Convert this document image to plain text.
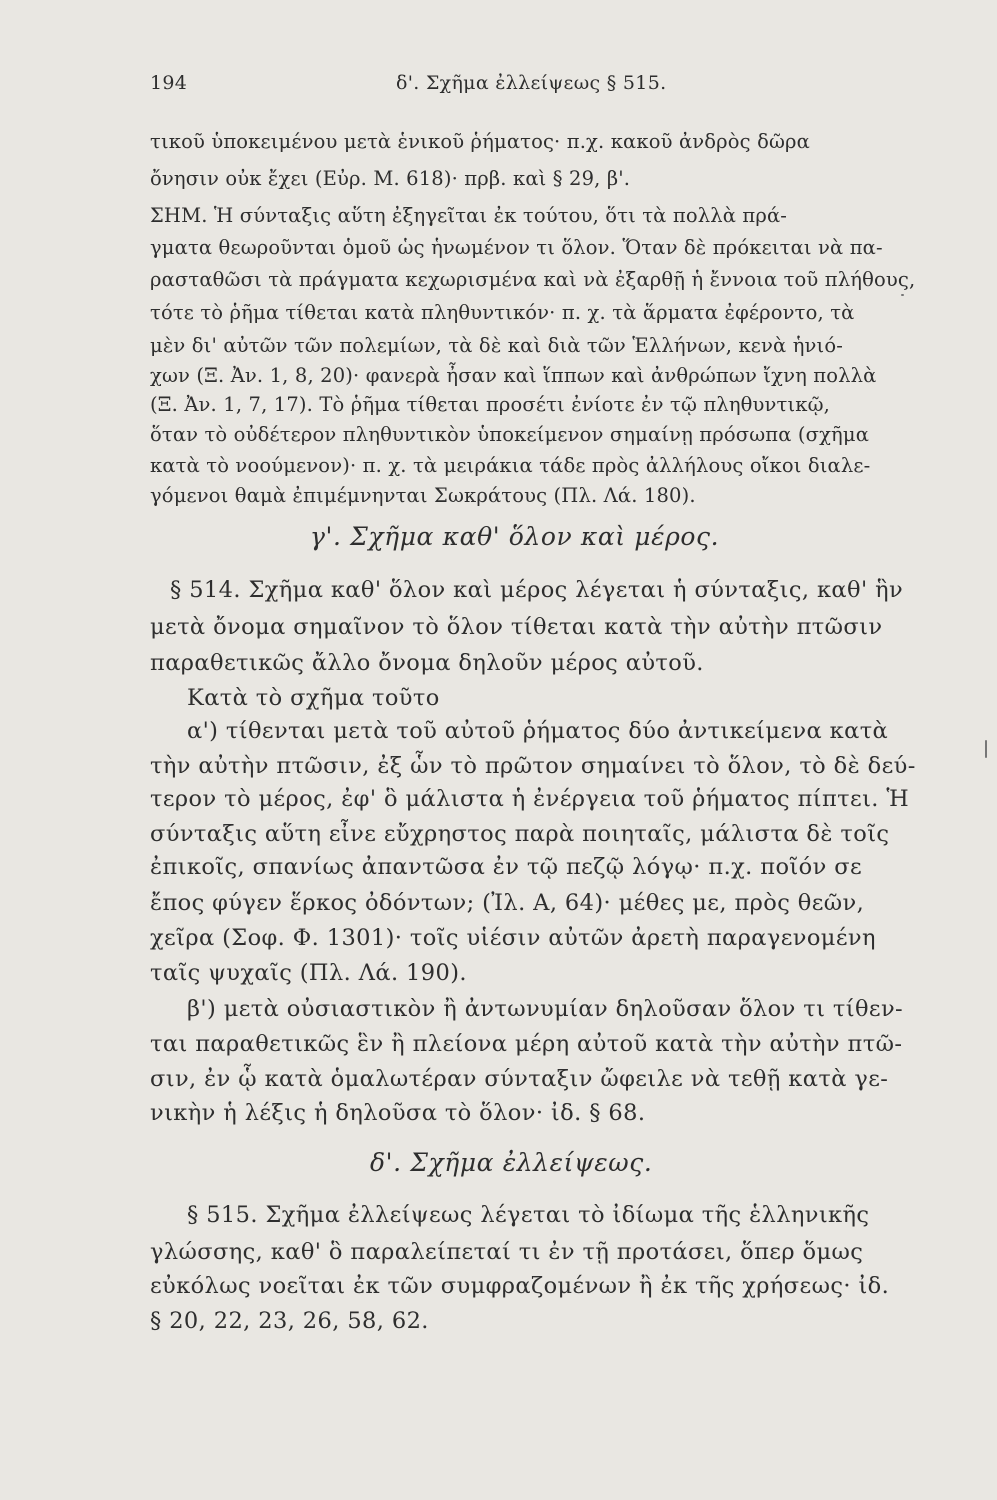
194	δ'. Σχῆμα ἐλλείψεως § 515.
τικοῦ ὑποκειμένου μετὰ ἑνικοῦ ῥήματος· π.χ. κακοῦ ἀνδρὸς δῶρα
ὄνησιν οὐκ ἔχει (Εὐρ. Μ. 618)· πρβ. καὶ § 29, β'.
ΣΗΜ. Ἡ σύνταξις αὕτη ἐξηγεῖται ἐκ τούτου, ὅτι τὰ πολλὰ πρά-
γματα θεωροῦνται ὁμοῦ ὡς ἡνωμένον τι ὅλον. Ὅταν δὲ πρόκειται νὰ πα-
ρασταθῶσι τὰ πράγματα κεχωρισμένα καὶ νὰ ἐξαρθῇ ἡ ἔννοια τοῦ πλήθους,
τότε τὸ ῥῆμα τίθεται κατὰ πληθυντικόν· π. χ. τὰ ἅρματα ἐφέροντο, τὰ
μὲν δι' αὐτῶν τῶν πολεμίων, τὰ δὲ καὶ διὰ τῶν Ἑλλήνων, κενὰ ἡνιό-
χων (Ξ. Ἀν. 1, 8, 20)· φανερὰ ἦσαν καὶ ἵππων καὶ ἀνθρώπων ἴχνη πολλὰ
(Ξ. Ἀν. 1, 7, 17). Τὸ ῥῆμα τίθεται προσέτι ἐνίοτε ἐν τῷ πληθυντικῷ,
ὅταν τὸ οὐδέτερον πληθυντικὸν ὑποκείμενον σημαίνῃ πρόσωπα (σχῆμα
κατὰ τὸ νοούμενον)· π. χ. τὰ μειράκια τάδε πρὸς ἀλλήλους οἴκοι διαλε-
γόμενοι θαμὰ ἐπιμέμνηνται Σωκράτους (Πλ. Λά. 180).
γ'. Σχῆμα καθ' ὅλον καὶ μέρος.
§ 514. Σχῆμα καθ' ὅλον καὶ μέρος λέγεται ἡ σύνταξις, καθ' ἣν
μετὰ ὄνομα σημαῖνον τὸ ὅλον τίθεται κατὰ τὴν αὐτὴν πτῶσιν
παραθετικῶς ἄλλο ὄνομα δηλοῦν μέρος αὐτοῦ.
Κατὰ τὸ σχῆμα τοῦτο
α') τίθενται μετὰ τοῦ αὐτοῦ ῥήματος δύο ἀντικείμενα κατὰ
τὴν αὐτὴν πτῶσιν, ἐξ ὧν τὸ πρῶτον σημαίνει τὸ ὅλον, τὸ δὲ δεύ-
τερον τὸ μέρος, ἐφ' ὃ μάλιστα ἡ ἐνέργεια τοῦ ῥήματος πίπτει. Ἡ
σύνταξις αὕτη εἶνε εὔχρηστος παρὰ ποιηταῖς, μάλιστα δὲ τοῖς
ἐπικοῖς, σπανίως ἀπαντῶσα ἐν τῷ πεζῷ λόγῳ· π.χ. ποῖόν σε
ἔπος φύγεν ἕρκος ὀδόντων; (Ἰλ. Α, 64)· μέθες με, πρὸς θεῶν,
χεῖρα (Σοφ. Φ. 1301)· τοῖς υἱέσιν αὐτῶν ἀρετὴ παραγενομένη
ταῖς ψυχαῖς (Πλ. Λά. 190).
β') μετὰ οὐσιαστικὸν ἢ ἀντωνυμίαν δηλοῦσαν ὅλον τι τίθεν-
ται παραθετικῶς ἓν ἢ πλείονα μέρη αὐτοῦ κατὰ τὴν αὐτὴν πτῶ-
σιν, ἐν ᾧ κατὰ ὁμαλωτέραν σύνταξιν ὤφειλε νὰ τεθῇ κατὰ γε-
νικὴν ἡ λέξις ἡ δηλοῦσα τὸ ὅλον· ἰδ. § 68.
δ'. Σχῆμα ἐλλείψεως.
§ 515. Σχῆμα ἐλλείψεως λέγεται τὸ ἰδίωμα τῆς ἑλληνικῆς
γλώσσης, καθ' ὃ παραλείπεταί τι ἐν τῇ προτάσει, ὅπερ ὅμως
εὐκόλως νοεῖται ἐκ τῶν συμφραζομένων ἢ ἐκ τῆς χρήσεως· ἰδ.
§ 20, 22, 23, 26, 58, 62.
